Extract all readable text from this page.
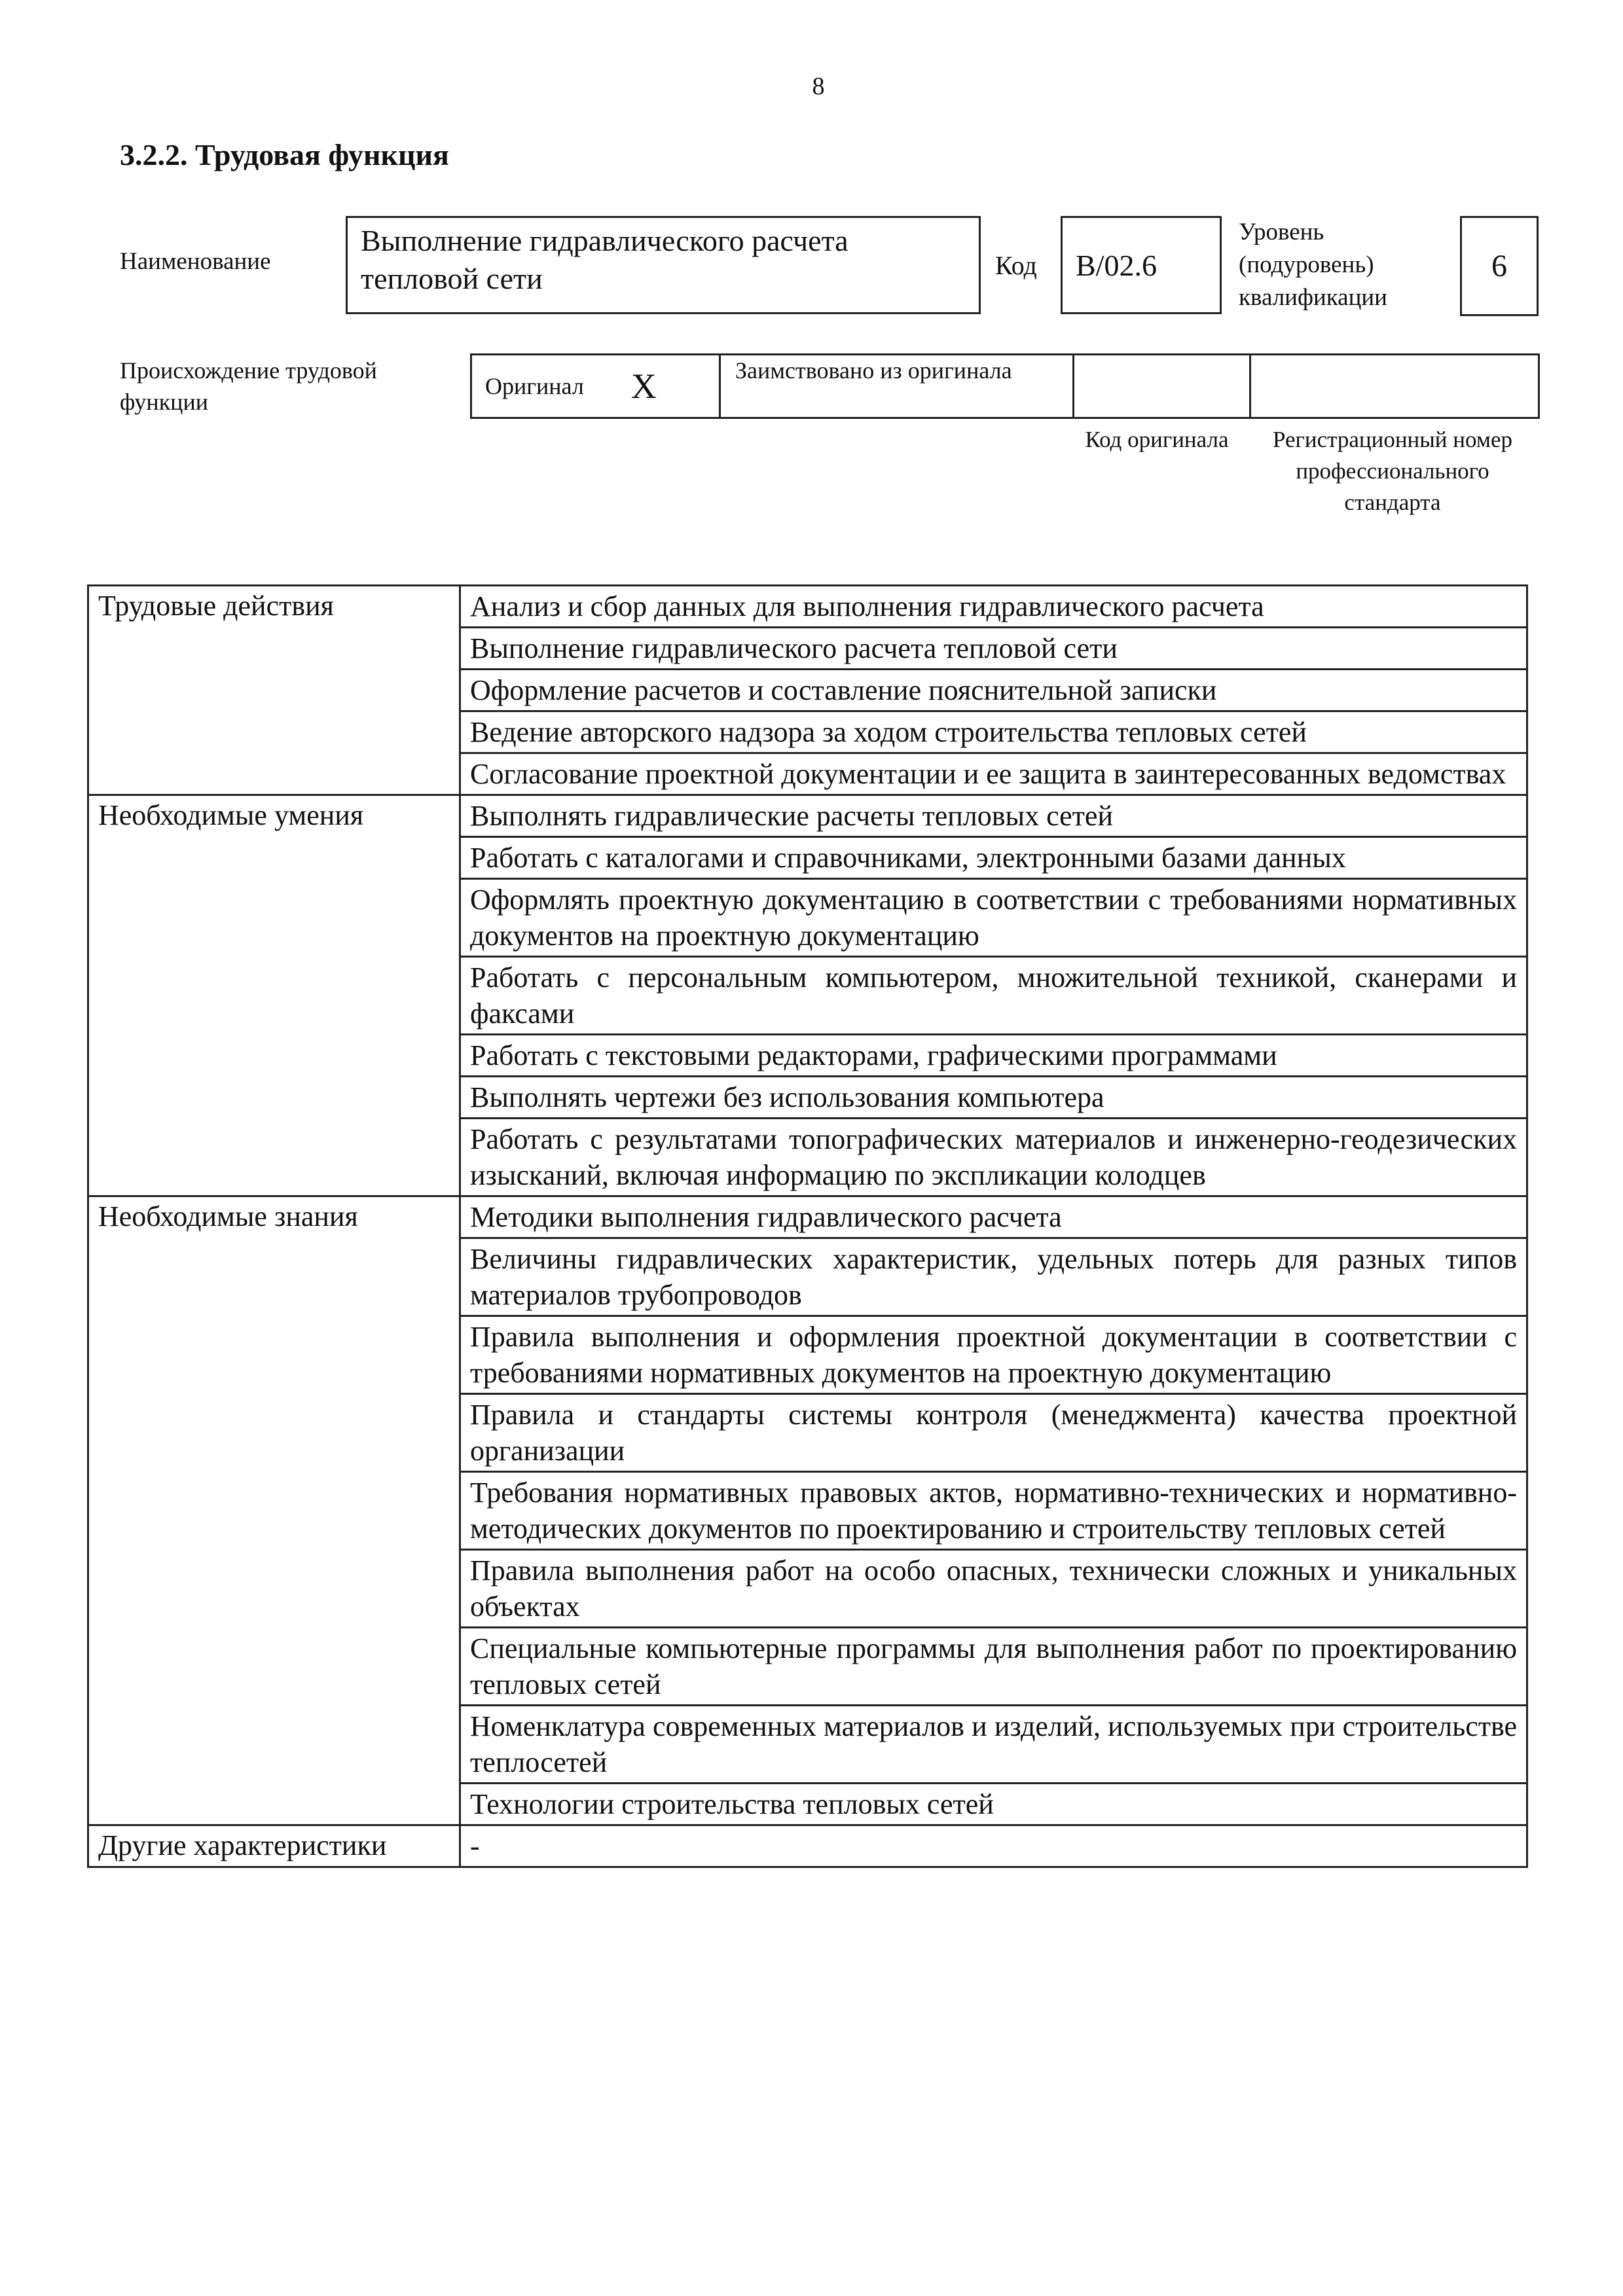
8
3.2.2. Трудовая функция
Наименование
Выполнение гидравлического расчета тепловой сети	Код B/02.6
Уровень (подуровень) квалификации
6
Происхождение трудовой функции
Оригинал X	Заимствовано из оригинала
Код оригинала	Регистрационный номер профессионального стандарта
Трудовые действия	Анализ и сбор данных для выполнения гидравлического расчета
	Выполнение гидравлического расчета тепловой сети
	Оформление расчетов и составление пояснительной записки
	Ведение авторского надзора за ходом строительства тепловых сетей
	Согласование проектной документации и ее защита в заинтересованных ведомствах
Необходимые умения	Выполнять гидравлические расчеты тепловых сетей
	Работать с каталогами и справочниками, электронными базами данных
	Оформлять проектную документацию в соответствии с требованиями нормативных документов на проектную документацию
	Работать с персональным компьютером, множительной техникой, сканерами и факсами
	Работать с текстовыми редакторами, графическими программами
	Выполнять чертежи без использования компьютера
	Работать с результатами топографических материалов и инженерно-геодезических изысканий, включая информацию по экспликации колодцев
Необходимые знания	Методики выполнения гидравлического расчета
	Величины гидравлических характеристик, удельных потерь для разных типов материалов трубопроводов
	Правила выполнения и оформления проектной документации в соответствии с требованиями нормативных документов на проектную документацию
	Правила и стандарты системы контроля (менеджмента) качества проектной организации
	Требования нормативных правовых актов, нормативно-технических и нормативно-методических документов по проектированию и строительству тепловых сетей
	Правила выполнения работ на особо опасных, технически сложных и уникальных объектах
	Специальные компьютерные программы для выполнения работ по проектированию тепловых сетей
	Номенклатура современных материалов и изделий, используемых при строительстве теплосетей
	Технологии строительства тепловых сетей
Другие характеристики	-
